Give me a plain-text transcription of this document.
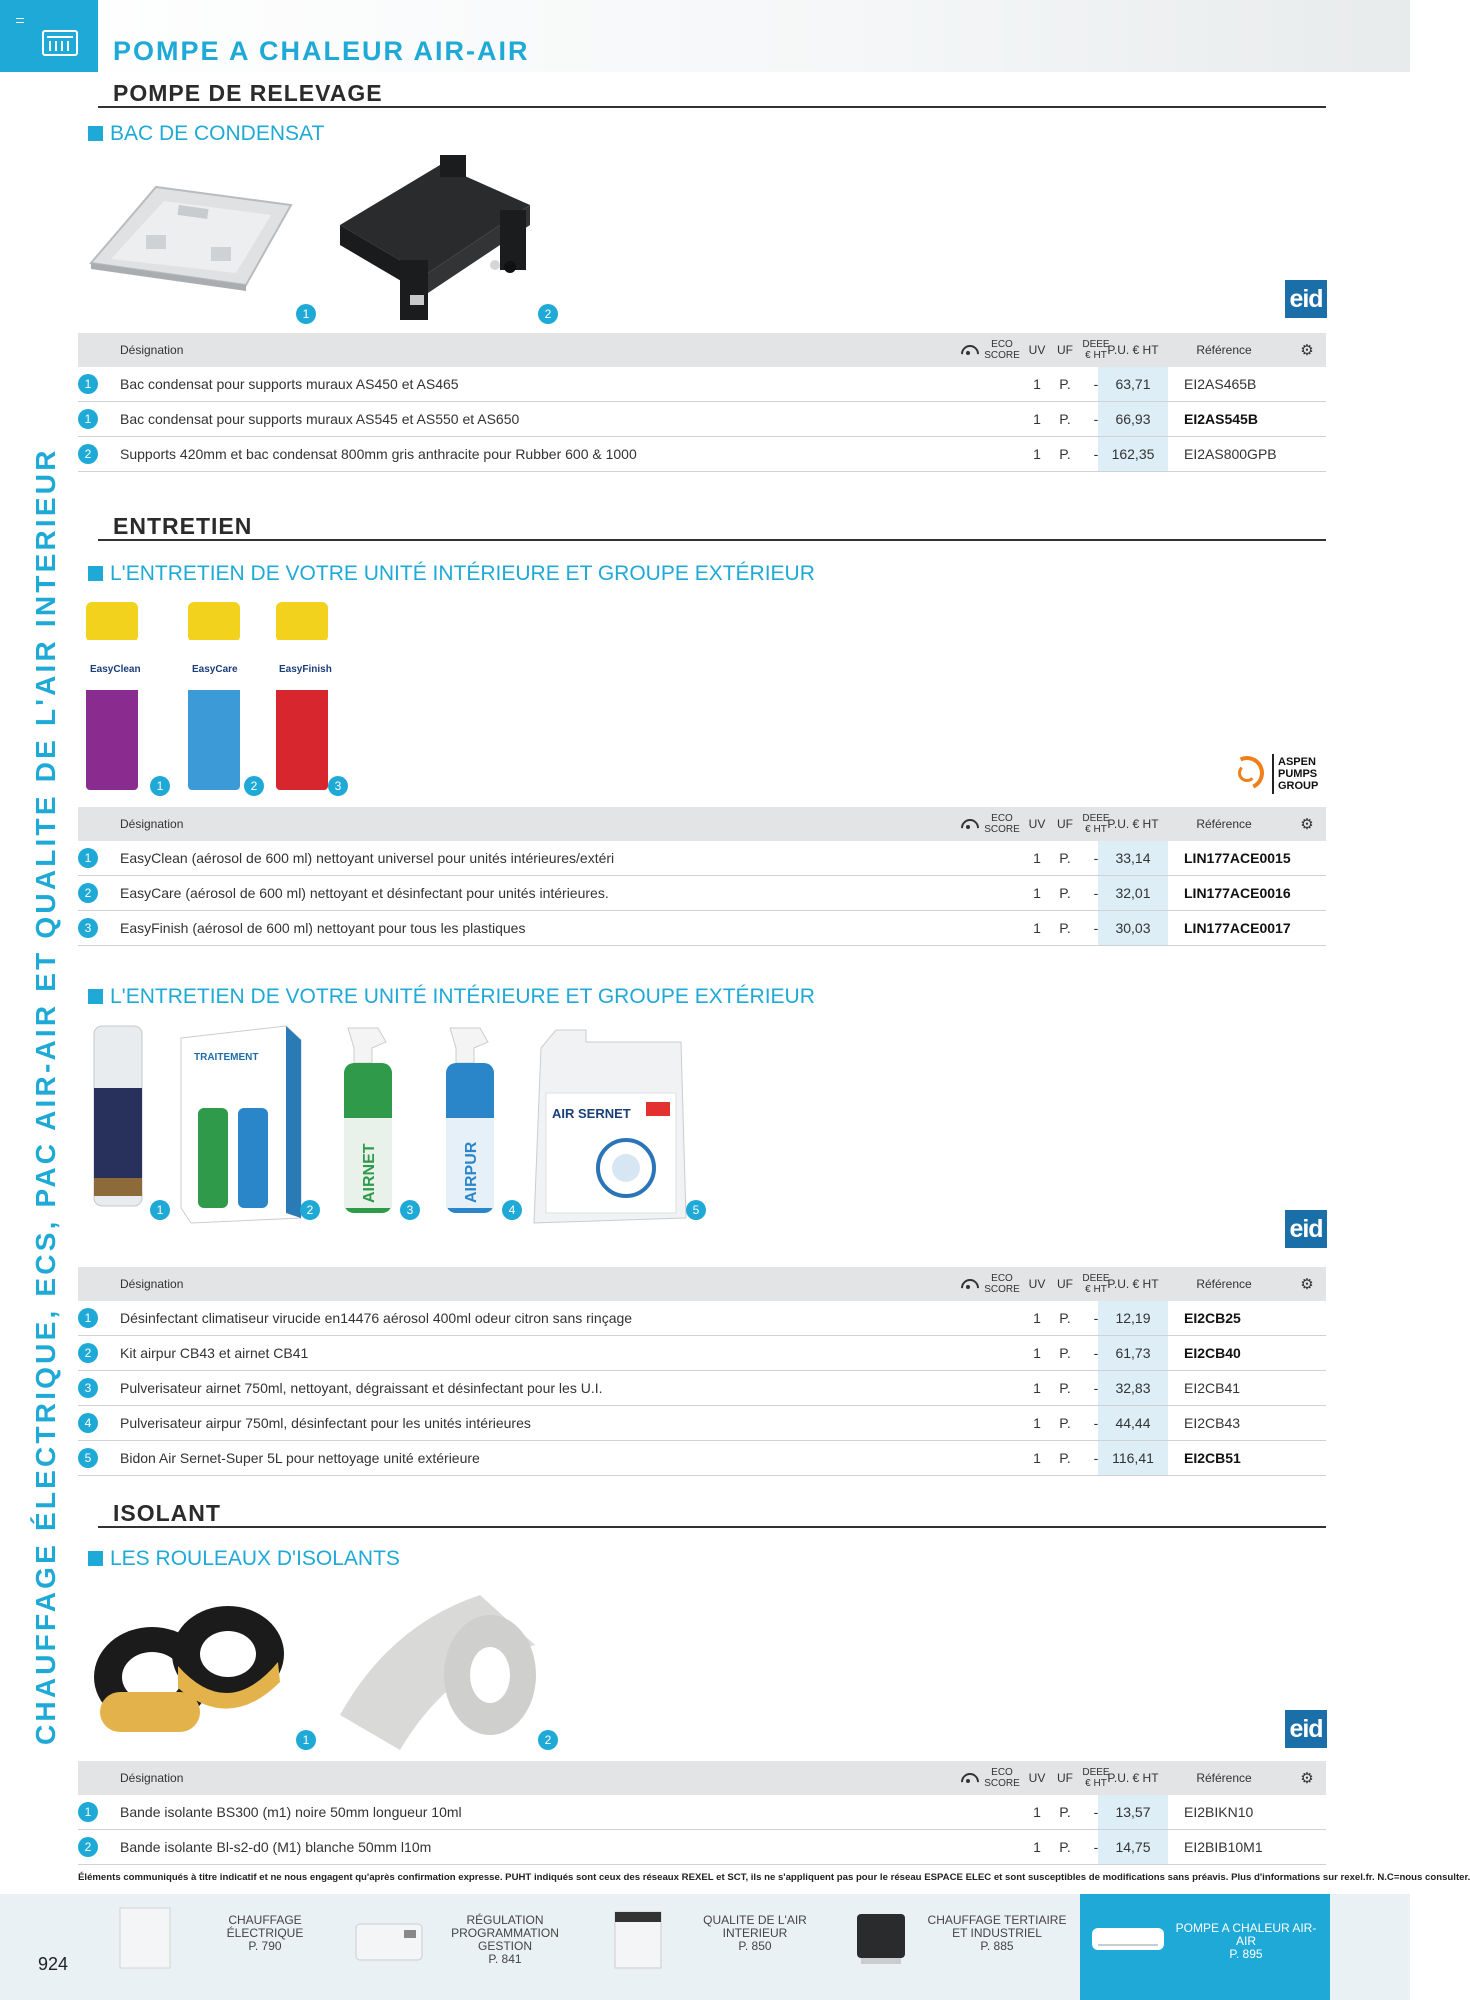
POMPE A CHALEUR AIR-AIR
CHAUFFAGE ÉLECTRIQUE, ECS, PAC AIR-AIR ET QUALITE DE L'AIR INTERIEUR
POMPE DE RELEVAGE
BAC DE CONDENSAT
1	2
eid
Désignation	ECO
SCORE UV UF DEEE
€ HT P.U. € HT	Référence	⚙
1	Bac condensat pour supports muraux AS450 et AS465	1	P.	-	63,71	EI2AS465B
1	Bac condensat pour supports muraux AS545 et AS550 et AS650	1	P.	-	66,93	EI2AS545B
2	Supports 420mm et bac condensat 800mm gris anthracite pour Rubber 600 & 1000	1	P.	- 162,35	EI2AS800GPB
ENTRETIEN
L'ENTRETIEN DE VOTRE UNITÉ INTÉRIEURE ET GROUPE EXTÉRIEUR
EasyClean	EasyCare	EasyFinish
1	2	3
ASPEN
PUMPS
GROUP
Désignation	ECO
SCORE UV UF DEEE
€ HT P.U. € HT	Référence	⚙
1	EasyClean (aérosol de 600 ml) nettoyant universel pour unités intérieures/extéri	1	P.	-	33,14	LIN177ACE0015
2	EasyCare (aérosol de 600 ml) nettoyant et désinfectant pour unités intérieures.	1	P.	-	32,01	LIN177ACE0016
3	EasyFinish (aérosol de 600 ml) nettoyant pour tous les plastiques	1	P.	-	30,03	LIN177ACE0017
L'ENTRETIEN DE VOTRE UNITÉ INTÉRIEURE ET GROUPE EXTÉRIEUR
TRAITEMENT
AIRNET	AIRPUR
AIR SERNET
1	2	3	4	5
eid
Désignation	ECO
SCORE UV UF DEEE
€ HT P.U. € HT	Référence	⚙
1	Désinfectant climatiseur virucide en14476 aérosol 400ml odeur citron sans rinçage	1	P.	-	12,19	EI2CB25
2	Kit airpur CB43 et airnet CB41	1	P.	-	61,73	EI2CB40
3	Pulverisateur airnet 750ml, nettoyant, dégraissant et désinfectant pour les U.I.	1	P.	-	32,83	EI2CB41
4	Pulverisateur airpur 750ml, désinfectant pour les unités intérieures	1	P.	-	44,44	EI2CB43
5	Bidon Air Sernet-Super 5L pour nettoyage unité extérieure	1	P.	- 116,41	EI2CB51
ISOLANT
LES ROULEAUX D'ISOLANTS
1	2	eid
Désignation	ECO
SCORE UV UF DEEE
€ HT P.U. € HT	Référence	⚙
1	Bande isolante BS300 (m1) noire 50mm longueur 10ml	1	P.	-	13,57	EI2BIKN10
2	Bande isolante Bl-s2-d0 (M1) blanche 50mm l10m	1	P.	-	14,75	EI2BIB10M1
Éléments communiqués à titre indicatif et ne nous engagent qu'après confirmation expresse. PUHT indiqués sont ceux des réseaux REXEL et SCT, ils ne s'appliquent pas pour le réseau ESPACE ELEC et sont susceptibles de modifications sans préavis. Plus d'informations sur rexel.fr. N.C=nous consulter.
924
CHAUFFAGE ÉLECTRIQUE
P. 790
RÉGULATION PROGRAMMATION
GESTION
P. 841
QUALITE DE L'AIR INTERIEUR
P. 850
CHAUFFAGE TERTIAIRE
ET INDUSTRIEL
P. 885
POMPE A CHALEUR AIR-AIR
P. 895
